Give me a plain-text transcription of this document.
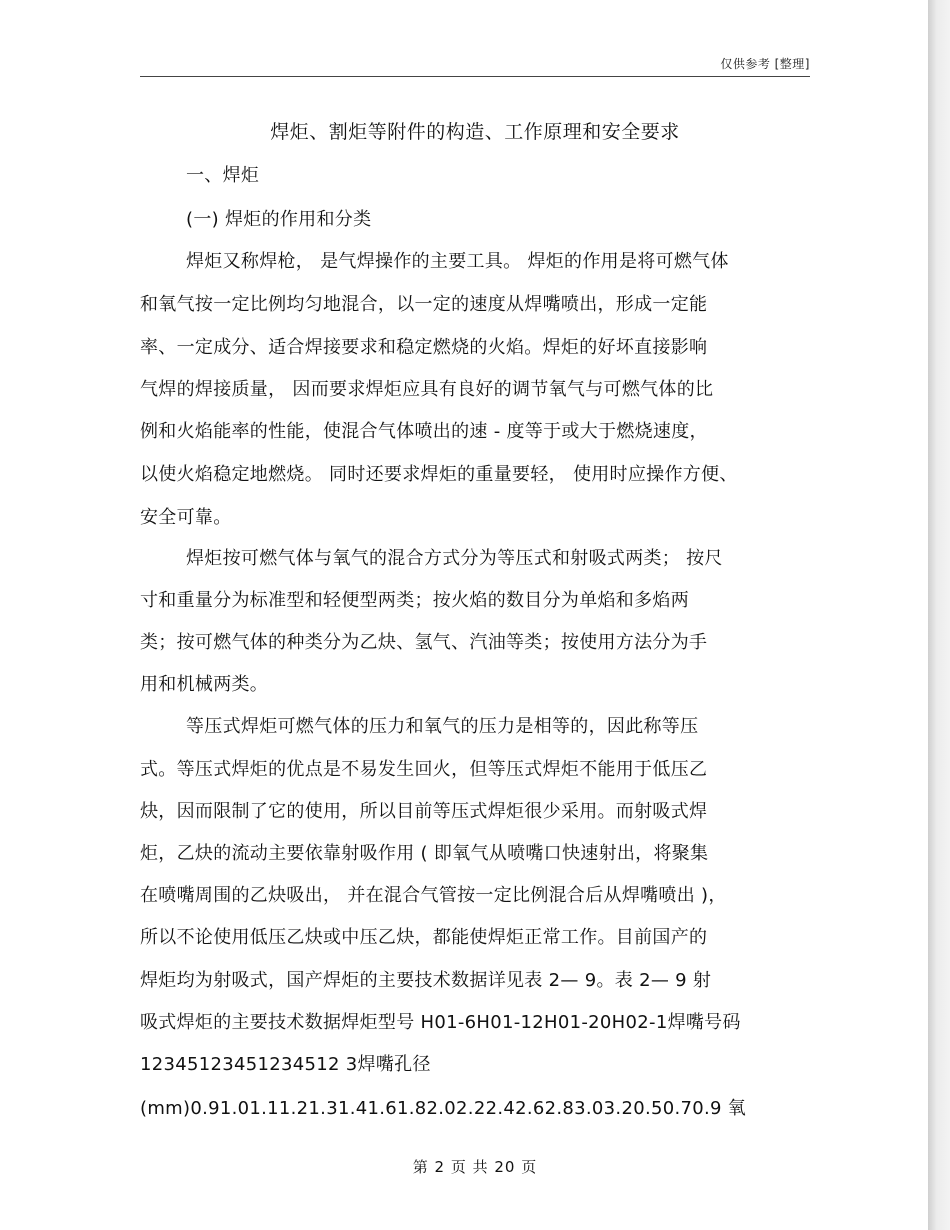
仅供参考 [整理]
焊炬、割炬等附件的构造、工作原理和安全要求
一、焊炬
(一) 焊炬的作用和分类
焊炬又称焊枪， 是气焊操作的主要工具。 焊炬的作用是将可燃气体
和氧气按一定比例均匀地混合，以一定的速度从焊嘴喷出，形成一定能
率、一定成分、适合焊接要求和稳定燃烧的火焰。焊炬的好坏直接影响
气焊的焊接质量， 因而要求焊炬应具有良好的调节氧气与可燃气体的比
例和火焰能率的性能，使混合气体喷出的速 - 度等于或大于燃烧速度，
以使火焰稳定地燃烧。 同时还要求焊炬的重量要轻， 使用时应操作方便、
安全可靠。
焊炬按可燃气体与氧气的混合方式分为等压式和射吸式两类； 按尺
寸和重量分为标准型和轻便型两类；按火焰的数目分为单焰和多焰两
类；按可燃气体的种类分为乙炔、氢气、汽油等类；按使用方法分为手
用和机械两类。
等压式焊炬可燃气体的压力和氧气的压力是相等的，因此称等压
式。等压式焊炬的优点是不易发生回火，但等压式焊炬不能用于低压乙
炔，因而限制了它的使用，所以目前等压式焊炬很少采用。而射吸式焊
炬，乙炔的流动主要依靠射吸作用 ( 即氧气从喷嘴口快速射出，将聚集
在喷嘴周围的乙炔吸出， 并在混合气管按一定比例混合后从焊嘴喷出 )，
所以不论使用低压乙炔或中压乙炔，都能使焊炬正常工作。目前国产的
焊炬均为射吸式，国产焊炬的主要技术数据详见表 2— 9。表 2— 9 射
吸式焊炬的主要技术数据焊炬型号 H01-6H01-12H01-20H02-1焊嘴号码
12345123451234512 3焊嘴孔径
(mm)0.91.01.11.21.31.41.61.82.02.22.42.62.83.03.20.50.70.9 氧
第 2 页 共 20 页
